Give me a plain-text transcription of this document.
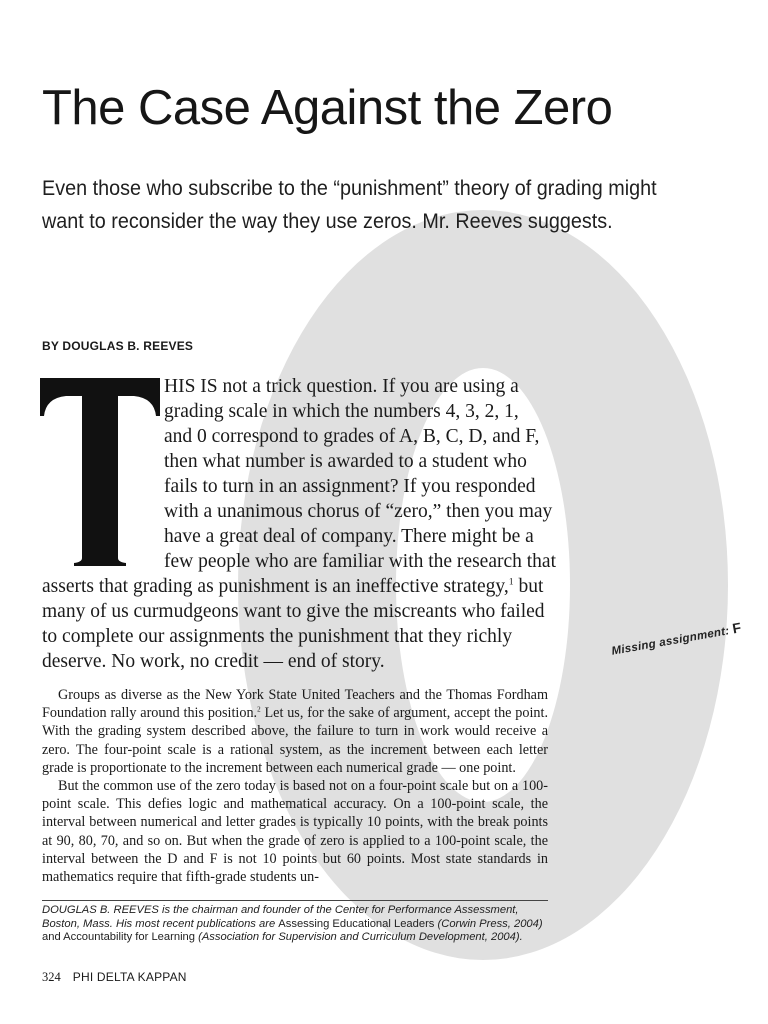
The Case Against the Zero
Even those who subscribe to the “punishment” theory of grading might
want to reconsider the way they use zeros. Mr. Reeves suggests.
BY DOUGLAS B. REEVES
T
HIS IS not a trick question. If you are using a
grading scale in which the numbers 4, 3, 2, 1,
and 0 correspond to grades of A, B, C, D, and F,
then what number is awarded to a student who
fails to turn in an assignment? If you responded
with a unanimous chorus of “zero,” then you may
have a great deal of company. There might be a
few people who are familiar with the research that
asserts that grading as punishment is an ineffective strategy,$^1$ but
many of us curmudgeons want to give the miscreants who failed
to complete our assignments the punishment that they richly
deserve. No work, no credit — end of story.
Missing assignment: F

Groups as diverse as the New York State United Teachers and the Thomas Fordham Foundation rally around this position.$^2$ Let us, for the sake of argument, accept the point. With the grading system described above, the failure to turn in work would receive a zero. The four-point scale is a rational system, as the increment between each letter grade is proportionate to the increment between each numerical grade — one point.

But the common use of the zero today is based not on a four-point scale but on a 100-point scale. This defies logic and mathematical accuracy. On a 100-point scale, the interval between numerical and letter grades is typically 10 points, with the break points at 90, 80, 70, and so on. But when the grade of zero is applied to a 100-point scale, the interval between the D and F is not 10 points but 60 points. Most state standards in mathematics require that fifth-grade students un-

DOUGLAS B. REEVES is the chairman and founder of the Center for Performance Assessment, Boston, Mass. His most recent publications are Assessing Educational Leaders (Corwin Press, 2004) and Accountability for Learning (Association for Supervision and Curriculum Development, 2004).
324 PHI DELTA KAPPAN
